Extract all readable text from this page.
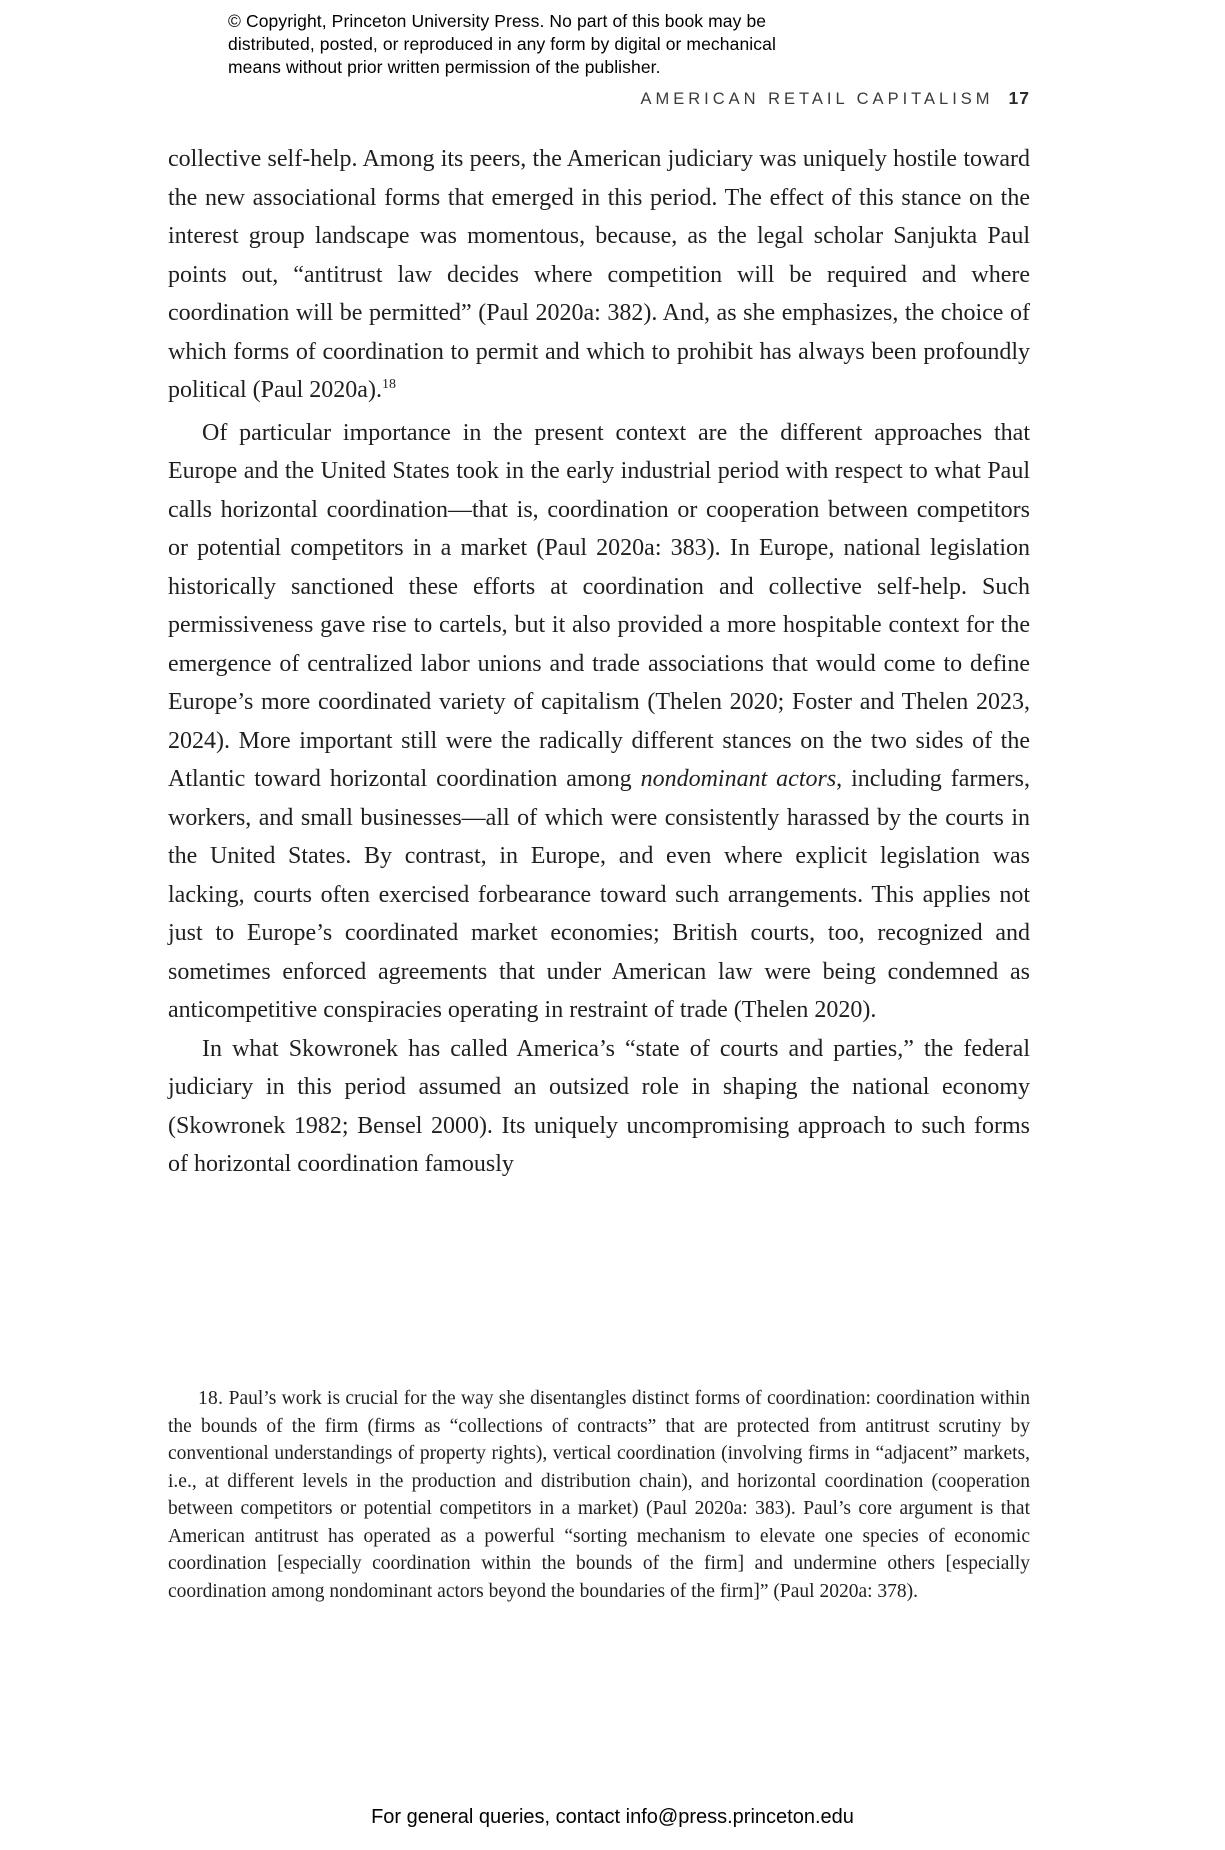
© Copyright, Princeton University Press. No part of this book may be
distributed, posted, or reproduced in any form by digital or mechanical
means without prior written permission of the publisher.
AMERICAN RETAIL CAPITALISM 17

collective self-help. Among its peers, the American judiciary was uniquely hostile toward the new associational forms that emerged in this period. The effect of this stance on the interest group landscape was momentous, because, as the legal scholar Sanjukta Paul points out, “antitrust law decides where competition will be required and where coordination will be permitted” (Paul 2020a: 382). And, as she emphasizes, the choice of which forms of coordination to permit and which to prohibit has always been profoundly political (Paul 2020a).$^{18}$

Of particular importance in the present context are the different approaches that Europe and the United States took in the early industrial period with respect to what Paul calls horizontal coordination—that is, coordination or cooperation between competitors or potential competitors in a market (Paul 2020a: 383). In Europe, national legislation historically sanctioned these efforts at coordination and collective self-help. Such permissiveness gave rise to cartels, but it also provided a more hospitable context for the emergence of centralized labor unions and trade associations that would come to define Europe’s more coordinated variety of capitalism (Thelen 2020; Foster and Thelen 2023, 2024). More important still were the radically different stances on the two sides of the Atlantic toward horizontal coordination among nondominant actors, including farmers, workers, and small businesses—all of which were consistently harassed by the courts in the United States. By contrast, in Europe, and even where explicit legislation was lacking, courts often exercised forbearance toward such arrangements. This applies not just to Europe’s coordinated market economies; British courts, too, recognized and sometimes enforced agreements that under American law were being condemned as anticompetitive conspiracies operating in restraint of trade (Thelen 2020).

In what Skowronek has called America’s “state of courts and parties,” the federal judiciary in this period assumed an outsized role in shaping the national economy (Skowronek 1982; Bensel 2000). Its uniquely uncompromising approach to such forms of horizontal coordination famously

18. Paul’s work is crucial for the way she disentangles distinct forms of coordination: coordination within the bounds of the firm (firms as “collections of contracts” that are protected from antitrust scrutiny by conventional understandings of property rights), vertical coordination (involving firms in “adjacent” markets, i.e., at different levels in the production and distribution chain), and horizontal coordination (cooperation between competitors or potential competitors in a market) (Paul 2020a: 383). Paul’s core argument is that American antitrust has operated as a powerful “sorting mechanism to elevate one species of economic coordination [especially coordination within the bounds of the firm] and undermine others [especially coordination among nondominant actors beyond the boundaries of the firm]” (Paul 2020a: 378).

For general queries, contact info@press.princeton.edu
